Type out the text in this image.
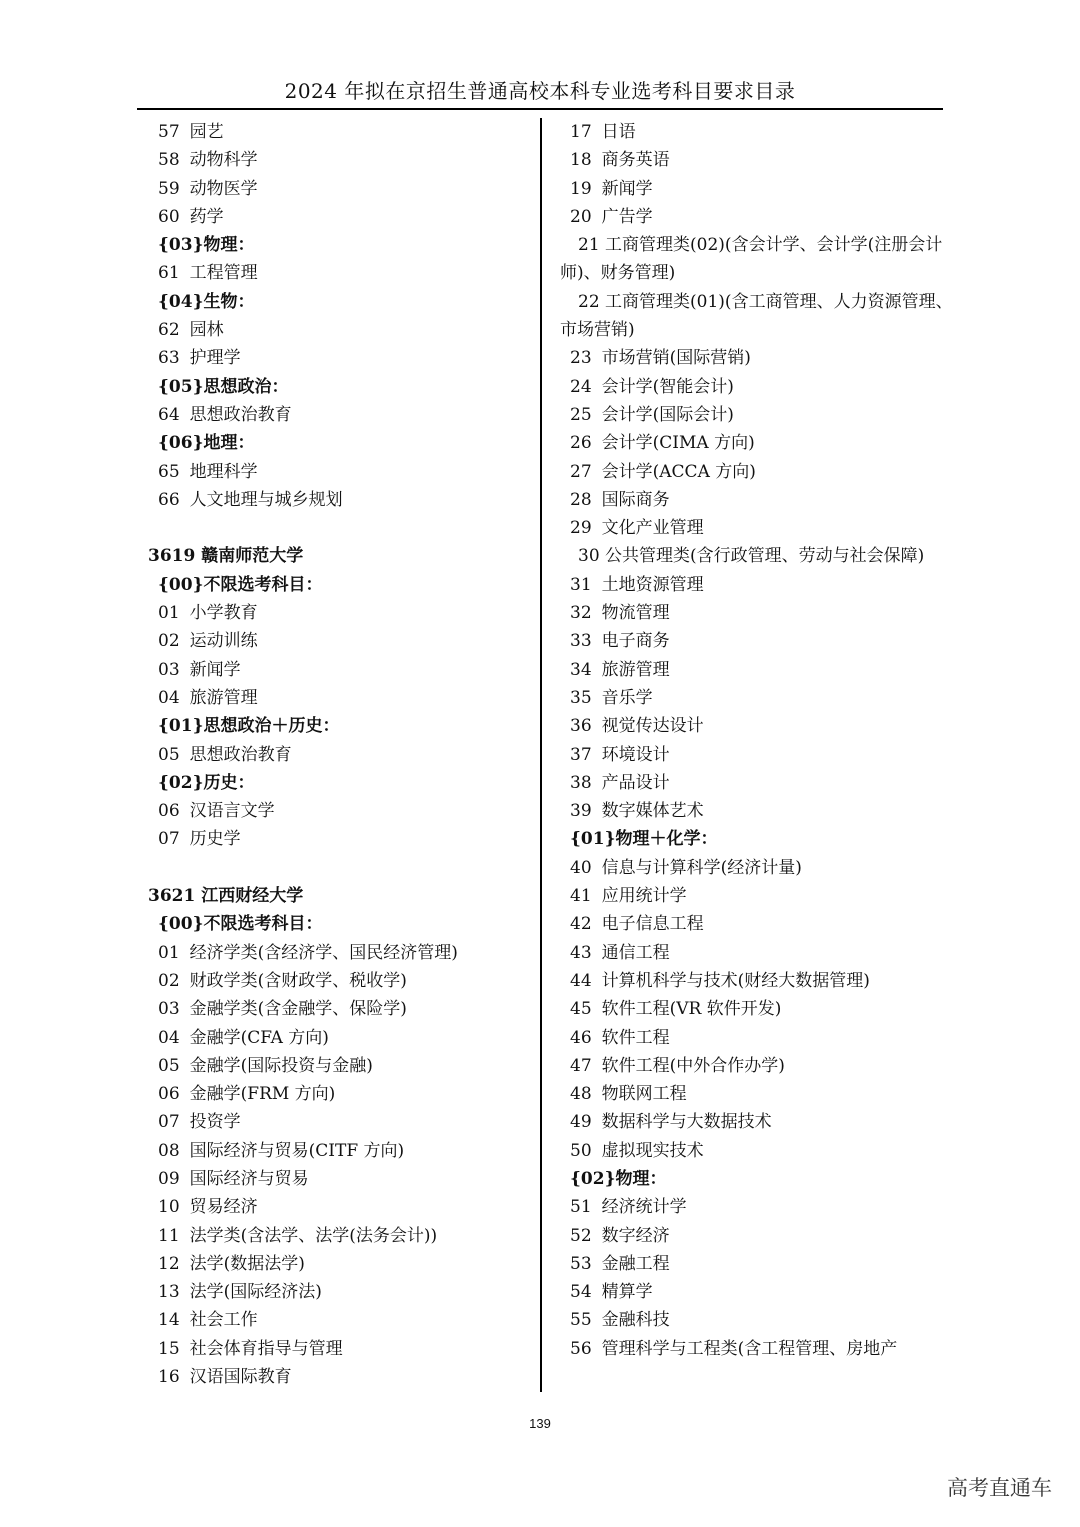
2024 年拟在京招生普通高校本科专业选考科目要求目录
57 园艺
58 动物科学
59 动物医学
60 药学
{03}物理：
61 工程管理
{04}生物：
62 园林
63 护理学
{05}思想政治：
64 思想政治教育
{06}地理：
65 地理科学
66 人文地理与城乡规划
3619 赣南师范大学
{00}不限选考科目：
01 小学教育
02 运动训练
03 新闻学
04 旅游管理
{01}思想政治＋历史：
05 思想政治教育
{02}历史：
06 汉语言文学
07 历史学
3621 江西财经大学
{00}不限选考科目：
01 经济学类(含经济学、国民经济管理)
02 财政学类(含财政学、税收学)
03 金融学类(含金融学、保险学)
04 金融学(CFA 方向)
05 金融学(国际投资与金融)
06 金融学(FRM 方向)
07 投资学
08 国际经济与贸易(CITF 方向)
09 国际经济与贸易
10 贸易经济
11 法学类(含法学、法学(法务会计))
12 法学(数据法学)
13 法学(国际经济法)
14 社会工作
15 社会体育指导与管理
16 汉语国际教育
17 日语
18 商务英语
19 新闻学
20 广告学
21 工商管理类(02)(含会计学、会计学(注册会计师)、财务管理)
22 工商管理类(01)(含工商管理、人力资源管理、市场营销)
23 市场营销(国际营销)
24 会计学(智能会计)
25 会计学(国际会计)
26 会计学(CIMA 方向)
27 会计学(ACCA 方向)
28 国际商务
29 文化产业管理
30 公共管理类(含行政管理、劳动与社会保障)
31 土地资源管理
32 物流管理
33 电子商务
34 旅游管理
35 音乐学
36 视觉传达设计
37 环境设计
38 产品设计
39 数字媒体艺术
{01}物理＋化学：
40 信息与计算科学(经济计量)
41 应用统计学
42 电子信息工程
43 通信工程
44 计算机科学与技术(财经大数据管理)
45 软件工程(VR 软件开发)
46 软件工程
47 软件工程(中外合作办学)
48 物联网工程
49 数据科学与大数据技术
50 虚拟现实技术
{02}物理：
51 经济统计学
52 数字经济
53 金融工程
54 精算学
55 金融科技
56 管理科学与工程类(含工程管理、房地产
139
高考直通车
